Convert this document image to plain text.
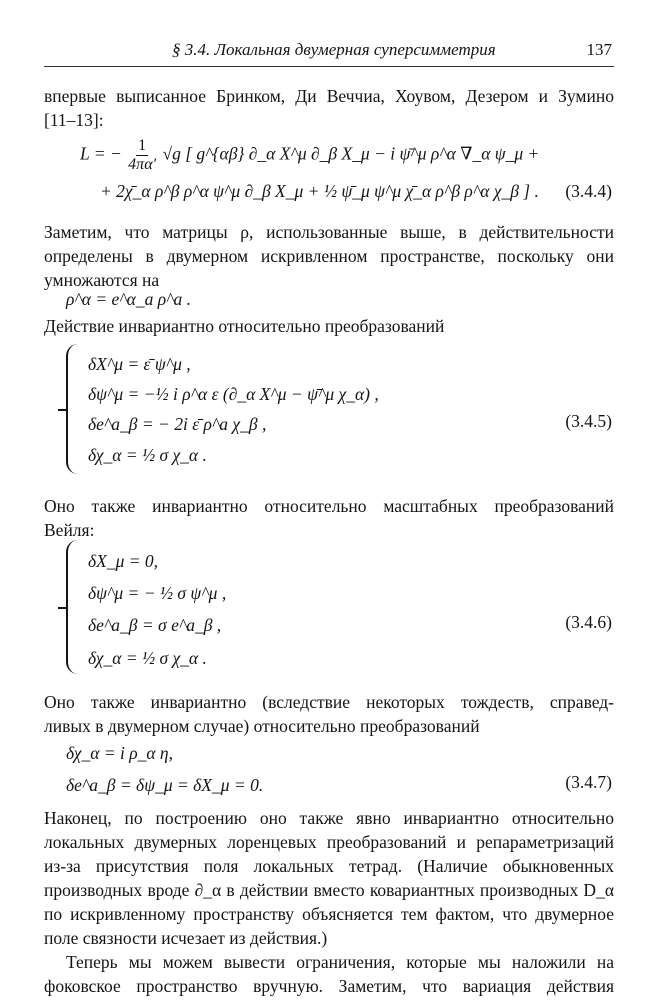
§ 3.4. Локальная двумерная суперсимметрия	137
впервые выписанное Бринком, Ди Веччиа, Хоувом, Дезером и Зумино
[11–13]:
L = − $\frac{1}{4\pi\alpha'} √g$ [ g^{αβ} ∂_α X^μ ∂_β X_μ − i ψ̄^μ ρ^α ∇_α ψ_μ +
+ 2χ̄_α ρ^β ρ^α ψ^μ ∂_β X_μ + ½ ψ̄_μ ψ^μ χ̄_α ρ^β ρ^α χ_β ] . (3.4.4)
Заметим, что матрицы ρ, использованные выше, в действительности
определены в двумерном искривленном пространстве, поскольку они
умножаются на
ρ^α = e^α_a ρ^a .
Действие инвариантно относительно преобразований
δX^μ = ε̄ ψ^μ ,
δψ^μ = −½ i ρ^α ε (∂_α X^μ − ψ̄^μ χ_α) ,
δe^a_β = − 2i ε̄ ρ^a χ_β ,
δχ_α = ½ σ χ_α .
(3.4.5)
Оно также инвариантно относительно масштабных преобразований
Вейля:
δX_μ = 0,
δψ^μ = − ½ σ ψ^μ ,
δe^a_β = σ e^a_β ,
δχ_α = ½ σ χ_α .
(3.4.6)
Оно также инвариантно (вследствие некоторых тождеств, справед-
ливых в двумерном случае) относительно преобразований
δχ_α = i ρ_α η,
δe^a_β = δψ_μ = δX_μ = 0.	(3.4.7)
Наконец, по построению оно также явно инвариантно относительно
локальных двумерных лоренцевых преобразований и репараметризаций
из-за присутствия поля локальных тетрад. (Наличие обыкновенных
производных вроде ∂_α в действии вместо ковариантных производных D_α
по искривленному пространству объясняется тем фактом, что двумерное
поле связности исчезает из действия.)
Теперь мы можем вывести ограничения, которые мы наложили на
фоковское пространство вручную. Заметим, что вариация действия
